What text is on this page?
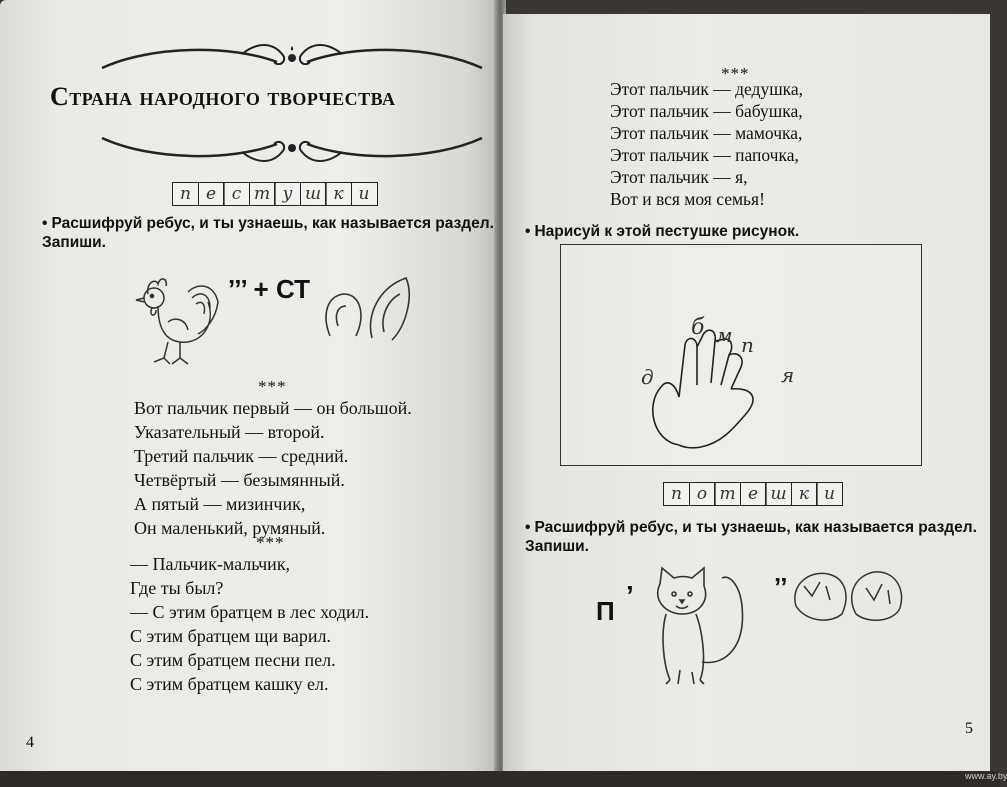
Страна народного творчества
п е с т у ш к и
• Расшифруй ребус, и ты узнаешь, как называется раздел. Запиши.
’’’ + СТ
***
Вот пальчик первый — он большой.
Указательный — второй.
Третий пальчик — средний.
Четвёртый — безымянный.
А пятый — мизинчик,
Он маленький, румяный.
***
— Пальчик-мальчик,
Где ты был?
— С этим братцем в лес ходил.
С этим братцем щи варил.
С этим братцем песни пел.
С этим братцем кашку ел.
4
***
Этот пальчик — дедушка,
Этот пальчик — бабушка,
Этот пальчик — мамочка,
Этот пальчик — папочка,
Этот пальчик — я,
Вот и вся моя семья!
• Нарисуй к этой пестушке рисунок.
• Расшифруй ребус, и ты узнаешь, как называется раздел. Запиши.
5
д
б м п
я
п о т е ш к и
П ’	’’
www.ay.by
